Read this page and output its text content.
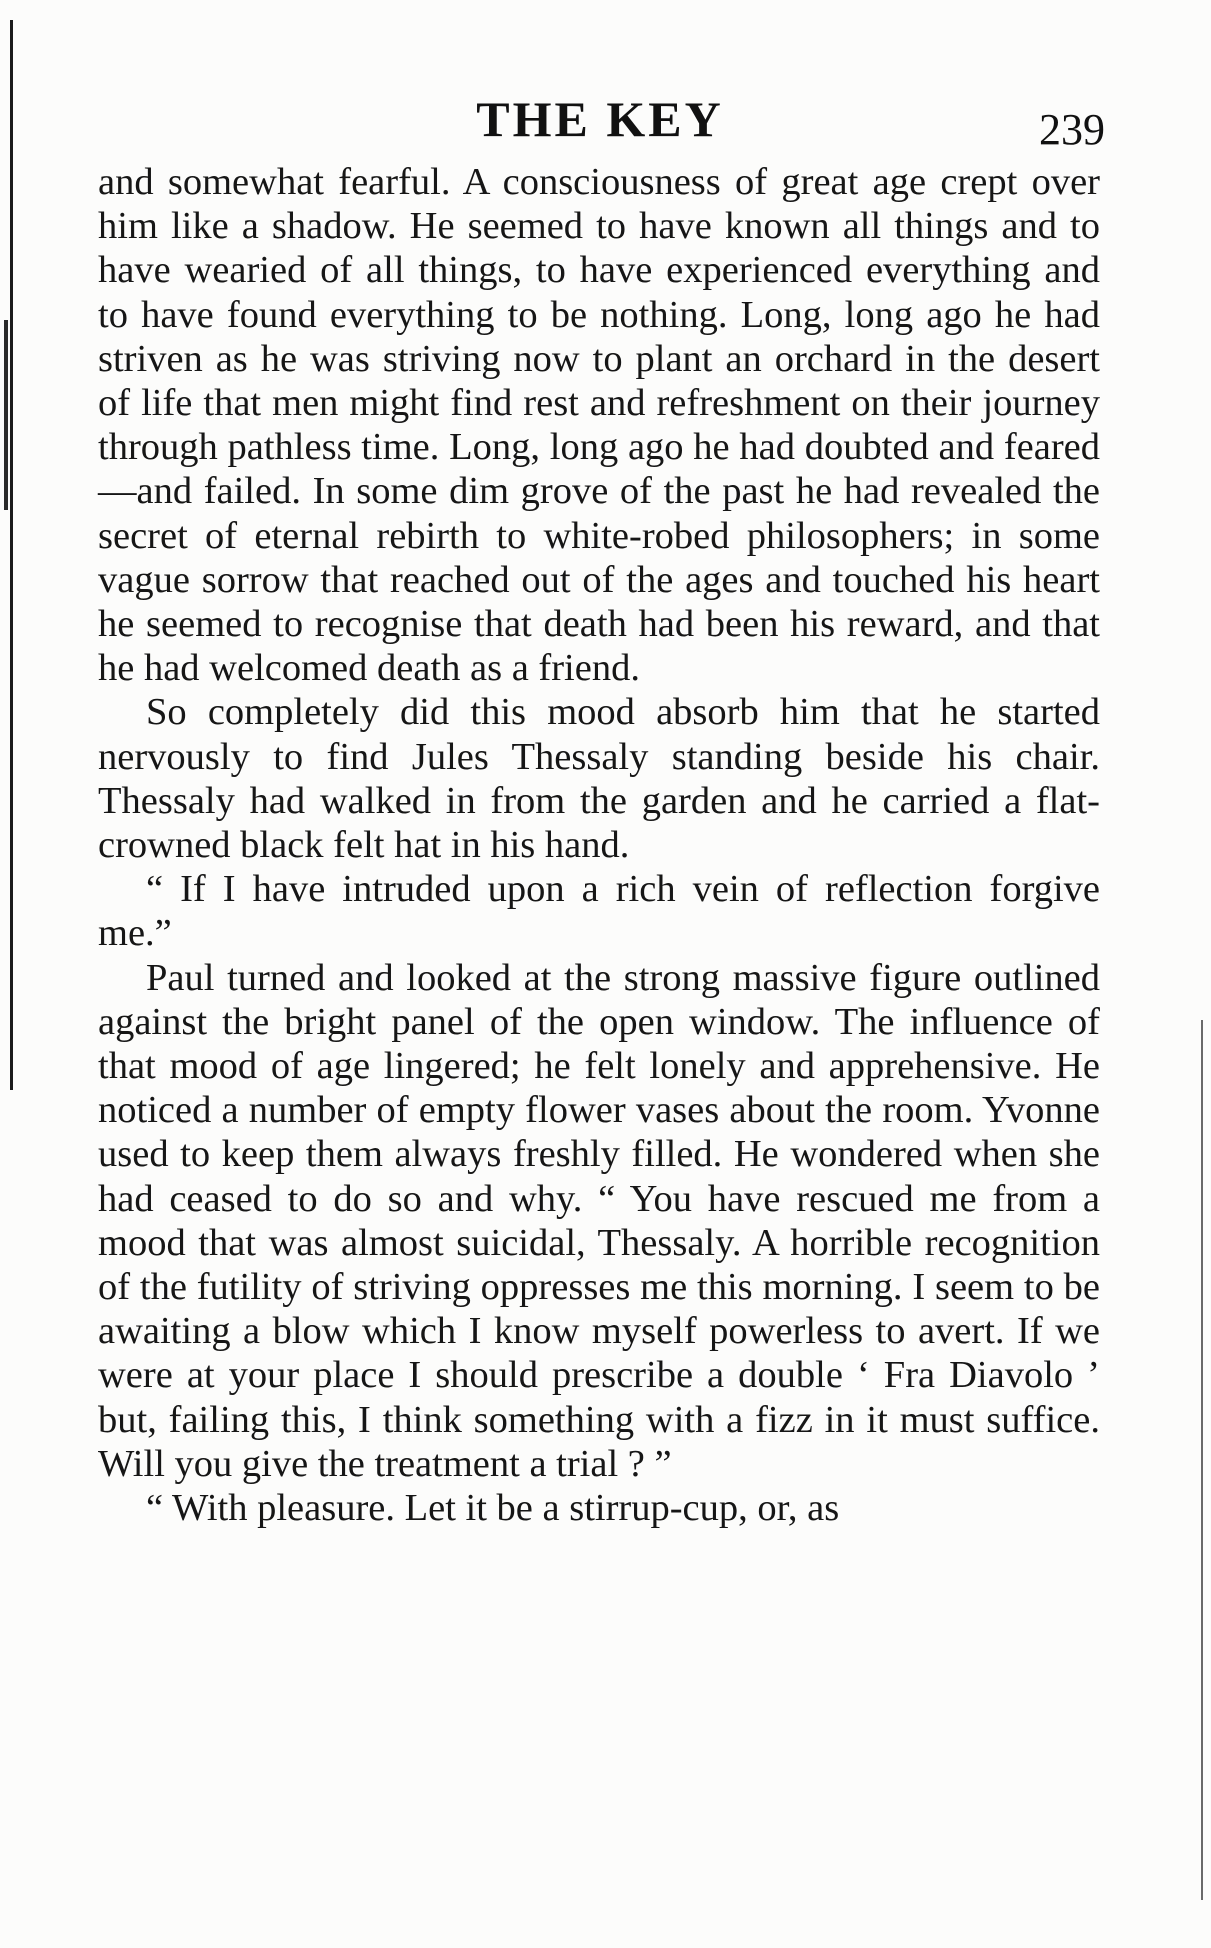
THE KEY	239

and somewhat fearful. A consciousness of great age crept over him like a shadow. He seemed to have known all things and to have wearied of all things, to have experienced everything and to have found everything to be nothing. Long, long ago he had striven as he was striving now to plant an orchard in the desert of life that men might find rest and refreshment on their journey through pathless time. Long, long ago he had doubted and feared—and failed. In some dim grove of the past he had revealed the secret of eternal rebirth to white-robed philosophers; in some vague sorrow that reached out of the ages and touched his heart he seemed to recognise that death had been his reward, and that he had welcomed death as a friend.

So completely did this mood absorb him that he started nervously to find Jules Thessaly standing beside his chair. Thessaly had walked in from the garden and he carried a flat-crowned black felt hat in his hand.

“ If I have intruded upon a rich vein of reflection forgive me.”

Paul turned and looked at the strong massive figure outlined against the bright panel of the open window. The influence of that mood of age lingered; he felt lonely and apprehensive. He noticed a number of empty flower vases about the room. Yvonne used to keep them always freshly filled. He wondered when she had ceased to do so and why. “ You have rescued me from a mood that was almost suicidal, Thessaly. A horrible recognition of the futility of striving oppresses me this morning. I seem to be awaiting a blow which I know myself powerless to avert. If we were at your place I should prescribe a double ‘ Fra Diavolo ’ but, failing this, I think something with a fizz in it must suffice. Will you give the treatment a trial ? ”

“ With pleasure. Let it be a stirrup-cup, or, as
